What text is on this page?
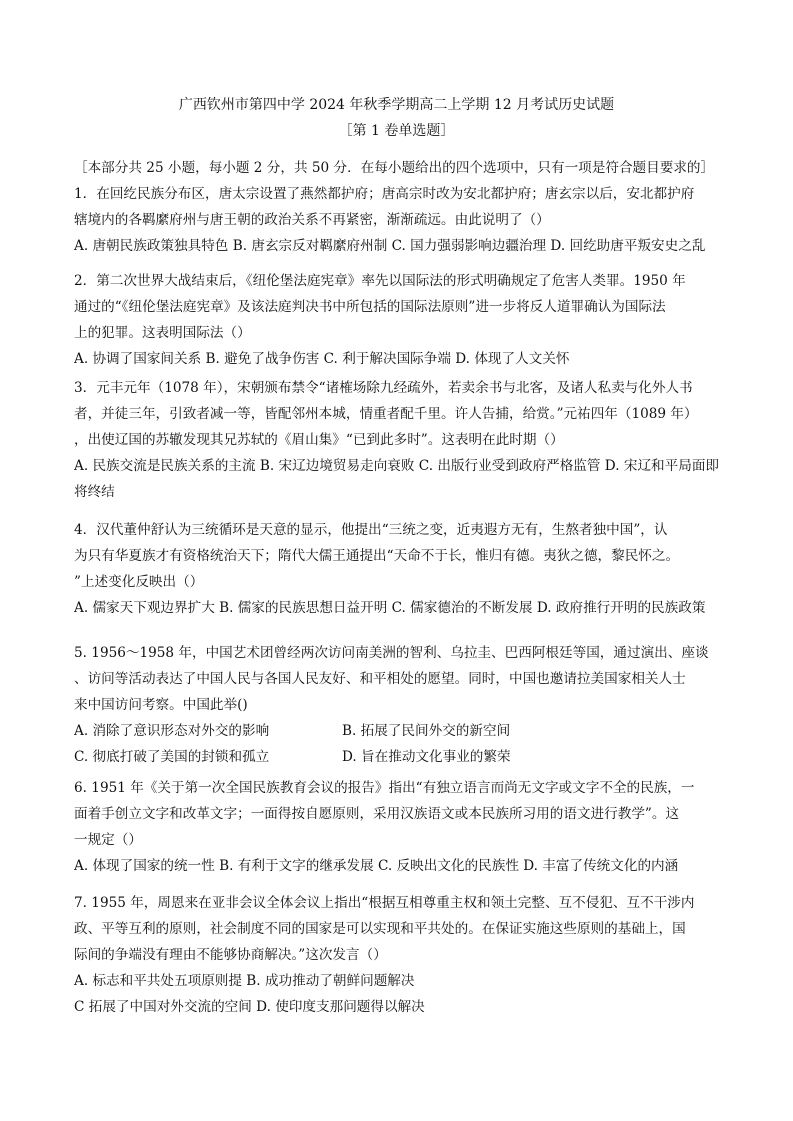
广西钦州市第四中学 2024 年秋季学期高二上学期 12 月考试历史试题
［第 1 卷单选题］
［本部分共 25 小题，每小题 2 分，共 50 分．在每小题给出的四个选项中，只有一项是符合题目要求的］
1．在回纥民族分布区，唐太宗设置了燕然都护府；唐高宗时改为安北都护府；唐玄宗以后，安北都护府
辖境内的各羁縻府州与唐王朝的政治关系不再紧密，渐渐疏远。由此说明了（）
A. 唐朝民族政策独具特色 B. 唐玄宗反对羁縻府州制 C. 国力强弱影响边疆治理 D. 回纥助唐平叛安史之乱
2．第二次世界大战结束后，《纽伦堡法庭宪章》率先以国际法的形式明确规定了危害人类罪。1950 年
通过的“《纽伦堡法庭宪章》及该法庭判决书中所包括的国际法原则”进一步将反人道罪确认为国际法
上的犯罪。这表明国际法（）
A. 协调了国家间关系 B. 避免了战争伤害 C. 利于解决国际争端 D. 体现了人文关怀
3．元丰元年（1078 年），宋朝颁布禁令“诸榷场除九经疏外，若卖余书与北客，及诸人私卖与化外人书
者，并徒三年，引致者减一等，皆配邻州本城，情重者配千里。许人告捕，给赏。”元祐四年（1089 年）
，出使辽国的苏辙发现其兄苏轼的《眉山集》“已到此多时”。这表明在此时期（）
A. 民族交流是民族关系的主流 B. 宋辽边境贸易走向衰败 C. 出版行业受到政府严格监管 D. 宋辽和平局面即
将终结
4．汉代董仲舒认为三统循环是天意的显示，他提出“三统之变，近夷遐方无有，生熬者独中国”，认
为只有华夏族才有资格统治天下；隋代大儒王通提出“天命不于长，惟归有德。夷狄之德，黎民怀之。
”上述变化反映出（）
A. 儒家天下观边界扩大 B. 儒家的民族思想日益开明 C. 儒家德治的不断发展 D. 政府推行开明的民族政策
5. 1956～1958 年，中国艺术团曾经两次访问南美洲的智利、乌拉圭、巴西阿根廷等国，通过演出、座谈
、访问等活动表达了中国人民与各国人民友好、和平相处的愿望。同时，中国也邀请拉美国家相关人士
来中国访问考察。中国此举()
A. 消除了意识形态对外交的影响	B. 拓展了民间外交的新空间
C. 彻底打破了美国的封锁和孤立	D. 旨在推动文化事业的繁荣
6. 1951 年《关于第一次全国民族教育会议的报告》指出“有独立语言而尚无文字或文字不全的民族，一
面着手创立文字和改革文字；一面得按自愿原则，采用汉族语文或本民族所习用的语文进行教学”。这
一规定（）
A. 体现了国家的统一性 B. 有利于文字的继承发展 C. 反映出文化的民族性 D. 丰富了传统文化的内涵
7. 1955 年，周恩来在亚非会议全体会议上指出“根据互相尊重主权和领土完整、互不侵犯、互不干涉内
政、平等互利的原则，社会制度不同的国家是可以实现和平共处的。在保证实施这些原则的基础上，国
际间的争端没有理由不能够协商解决。”这次发言（）
A. 标志和平共处五项原则提 B. 成功推动了朝鲜问题解决
C 拓展了中国对外交流的空间 D. 使印度支那问题得以解决
